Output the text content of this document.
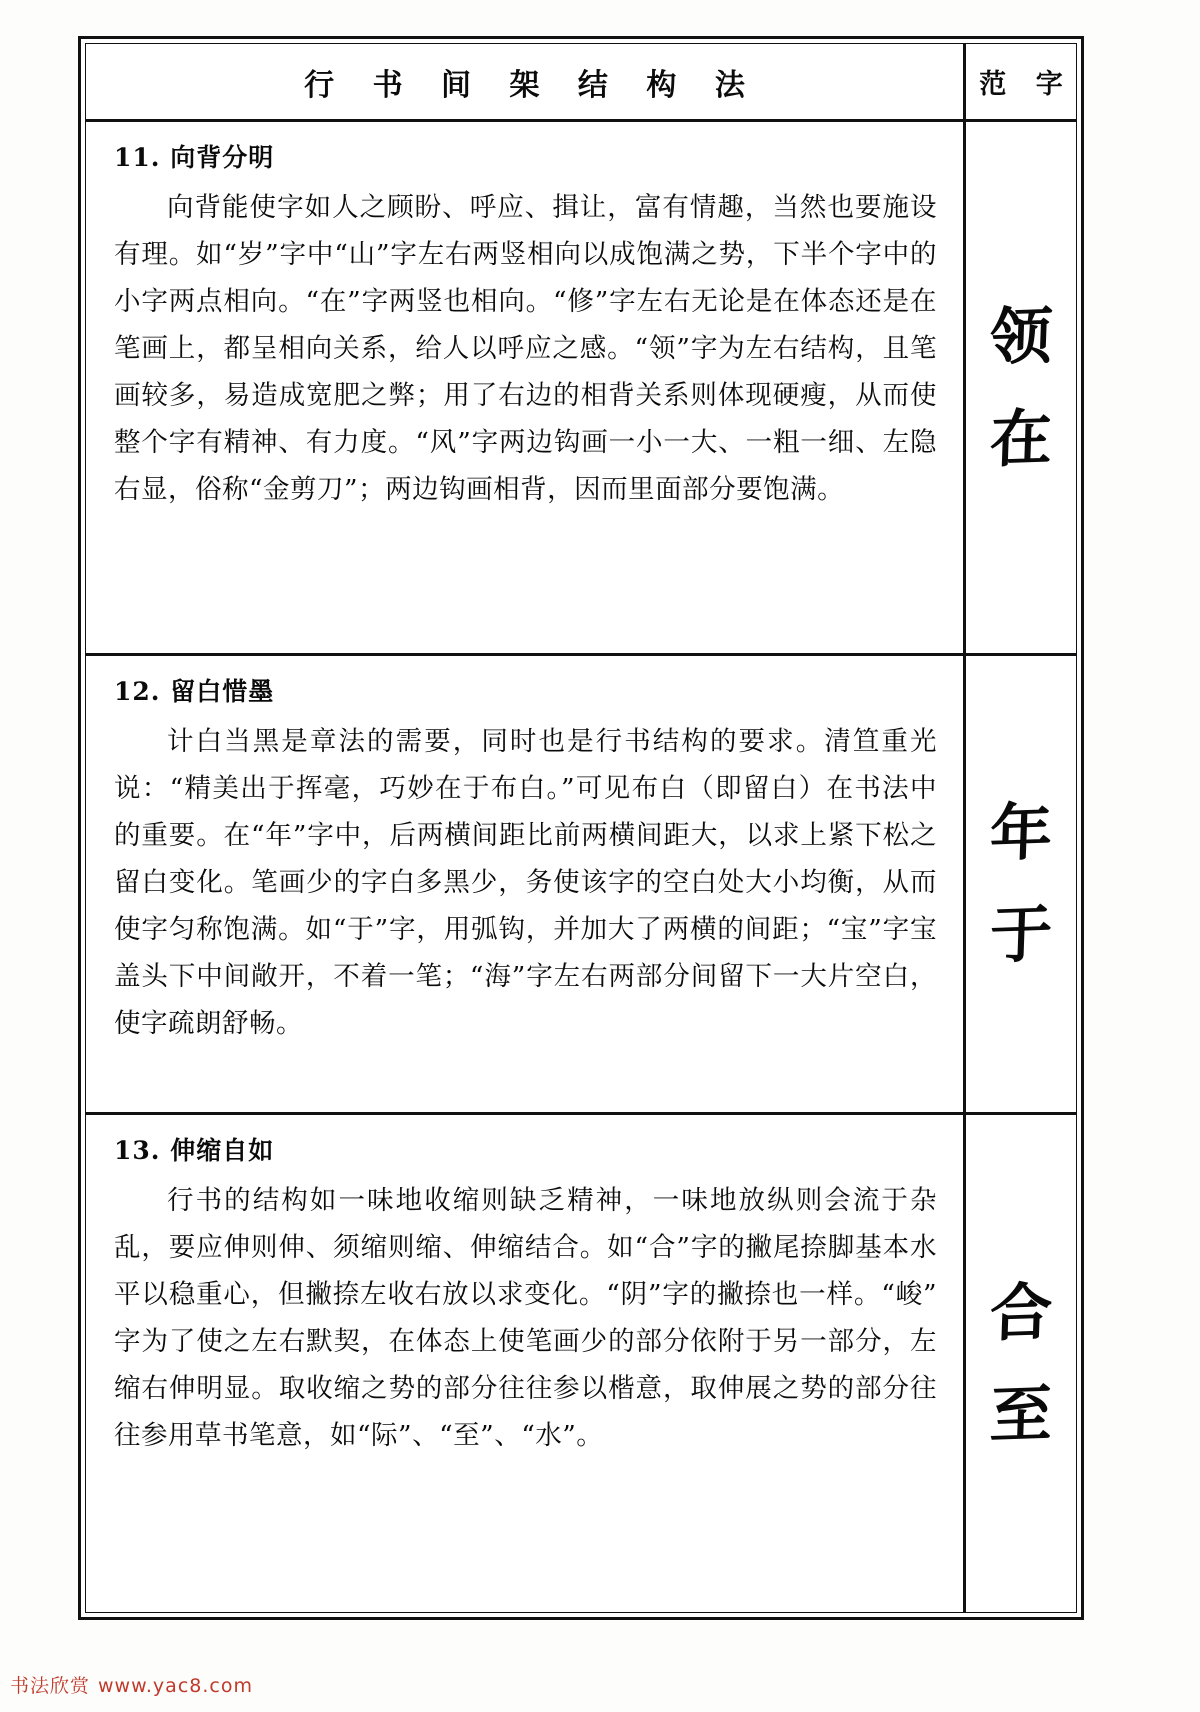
行 书 间 架 结 构 法	范 字
11. 向背分明

向背能使字如人之顾盼、呼应、揖让，富有情趣，当然也要施设有理。如“岁”字中“山”字左右两竖相向以成饱满之势，下半个字中的小字两点相向。“在”字两竖也相向。“修”字左右无论是在体态还是在笔画上，都呈相向关系，给人以呼应之感。“领”字为左右结构，且笔画较多，易造成宽肥之弊；用了右边的相背关系则体现硬瘦，从而使整个字有精神、有力度。“风”字两边钩画一小一大、一粗一细、左隐右显，俗称“金剪刀”；两边钩画相背，因而里面部分要饱满。

12. 留白惜墨

计白当黑是章法的需要，同时也是行书结构的要求。清笪重光说：“精美出于挥毫，巧妙在于布白。”可见布白（即留白）在书法中的重要。在“年”字中，后两横间距比前两横间距大，以求上紧下松之留白变化。笔画少的字白多黑少，务使该字的空白处大小均衡，从而使字匀称饱满。如“于”字，用弧钩，并加大了两横的间距；“宝”字宝盖头下中间敞开，不着一笔；“海”字左右两部分间留下一大片空白，使字疏朗舒畅。

13. 伸缩自如

行书的结构如一味地收缩则缺乏精神，一味地放纵则会流于杂乱，要应伸则伸、须缩则缩、伸缩结合。如“合”字的撇尾捺脚基本水平以稳重心，但撇捺左收右放以求变化。“阴”字的撇捺也一样。“峻”字为了使之左右默契，在体态上使笔画少的部分依附于另一部分，左缩右伸明显。取收缩之势的部分往往参以楷意，取伸展之势的部分往往参用草书笔意，如“际”、“至”、“水”。

领
在
年
于
合
至
书法欣赏 www.yac8.com
